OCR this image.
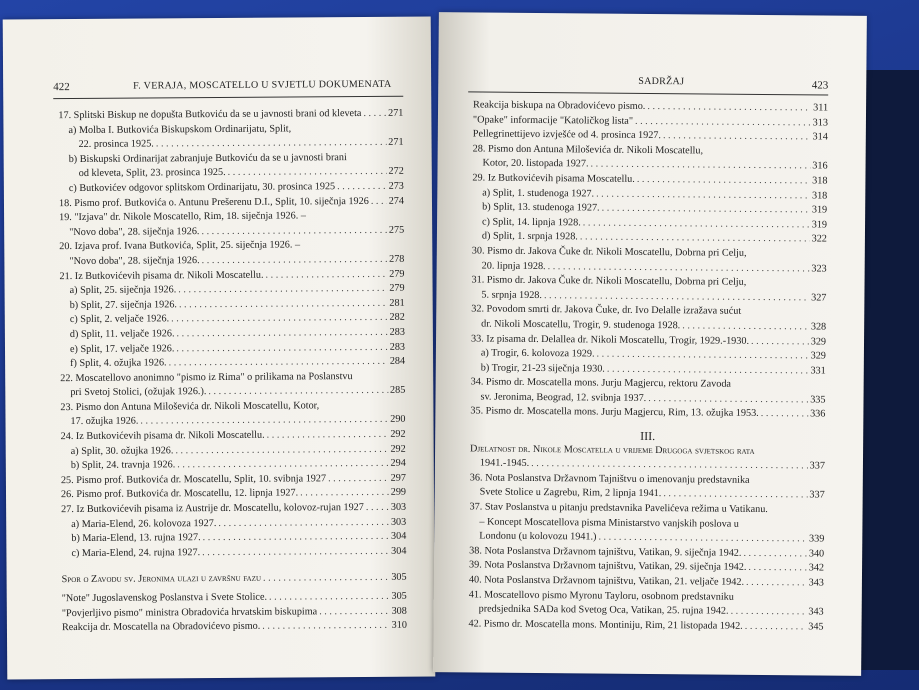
422	F. VERAJA, MOSCATELLO U SVJETLU DOKUMENATA
17. Splitski Biskup ne dopušta Butkoviću da se u javnosti brani od kleveta . . .	271
a) Molba I. Butkovića Biskupskom Ordinarijatu, Split,
22. prosinca 1925. . . .	271
b) Biskupski Ordinarijat zabranjuje Butkoviću da se u javnosti brani
od kleveta, Split, 23. prosinca 1925. . . .	272
c) Butkovićev odgovor splitskom Ordinarijatu, 30. prosinca 1925 . . .	273
18. Pismo prof. Butkovića o. Antunu Prešerenu D.I., Split, 10. siječnja 1926 . . . 274
19. "Izjava" dr. Nikole Moscatello, Rim, 18. siječnja 1926. –
"Novo doba", 28. siječnja 1926. . . .	275
20. Izjava prof. Ivana Butkovića, Split, 25. siječnja 1926. –
"Novo doba", 28. siječnja 1926. . . .	278
21. Iz Butkovićevih pisama dr. Nikoli Moscatellu. . . .	279
a) Split, 25. siječnja 1926. . . .	279
b) Split, 27. siječnja 1926. . . .	281
c) Split, 2. veljače 1926. . . .	282
d) Split, 11. veljače 1926. . . .	283
e) Split, 17. veljače 1926. . . .	283
f) Split, 4. ožujka 1926. . . .	284
22. Moscatellovo anonimno "pismo iz Rima" o prilikama na Poslanstvu
pri Svetoj Stolici, (ožujak 1926.). . . .	285
23. Pismo don Antuna Miloševića dr. Nikoli Moscatellu, Kotor,
17. ožujka 1926. . . .	290
24. Iz Butkovićevih pisama dr. Nikoli Moscatellu. . . .	292
a) Split, 30. ožujka 1926. . . .	292
b) Split, 24. travnja 1926. . . .	294
25. Pismo prof. Butkovića dr. Moscatellu, Split, 10. svibnja 1927 . . .	297
26. Pismo prof. Butkovića dr. Moscatellu, 12. lipnja 1927. . . .	299
27. Iz Butkovićevih pisama iz Austrije dr. Moscatellu, kolovoz-rujan 1927 . . .	303
a) Maria-Elend, 26. kolovoza 1927. . . .	303
b) Maria-Elend, 13. rujna 1927. . . .	304
c) Maria-Elend, 24. rujna 1927. . . .	304
Spor o Zavodu sv. Jeronima ulazi u završnu fazu . . .	305
"Note" Jugoslavenskog Poslanstva i Svete Stolice. . . .	305
"Povjerljivo pismo" ministra Obradovića hrvatskim biskupima . . .	308
Reakcija dr. Moscatella na Obradovićevo pismo. . . .	310
SADRŽAJ	423
Reakcija biskupa na Obradovićevo pismo. . . .	311
"Opake" informacije "Katoličkog lista" . . .	313
Pellegrinettijevo izvješće od 4. prosinca 1927. . . .	314
28. Pismo don Antuna Miloševića dr. Nikoli Moscatellu,
Kotor, 20. listopada 1927. . . .	316
29. Iz Butkovićevih pisama Moscatellu. . . .	318
a) Split, 1. studenoga 1927. . . .	318
b) Split, 13. studenoga 1927. . . .	319
c) Split, 14. lipnja 1928. . . .	319
d) Split, 1. srpnja 1928. . . .	322
30. Pismo dr. Jakova Čuke dr. Nikoli Moscatellu, Dobrna pri Celju,
20. lipnja 1928. . . .	323
31. Pismo dr. Jakova Čuke dr. Nikoli Moscatellu, Dobrna pri Celju,
5. srpnja 1928. . . .	327
32. Povodom smrti dr. Jakova Čuke, dr. Ivo Delalle izražava sućut
dr. Nikoli Moscatellu, Trogir, 9. studenoga 1928. . . .	328
33. Iz pisama dr. Delallea dr. Nikoli Moscatellu, Trogir, 1929.-1930. . . .	329
a) Trogir, 6. kolovoza 1929. . . .	329
b) Trogir, 21-23 siječnja 1930. . . .	331
34. Pismo dr. Moscatella mons. Jurju Magjercu, rektoru Zavoda
sv. Jeronima, Beograd, 12. svibnja 1937. . . .	335
35. Pismo dr. Moscatella mons. Jurju Magjercu, Rim, 13. ožujka 1953. . . .	336
III.
Djelatnost dr. Nikole Moscatella u vrijeme Drugoga svjetskog rata
1941.-1945. . . .	337
36. Nota Poslanstva Državnom Tajništvu o imenovanju predstavnika
Svete Stolice u Zagrebu, Rim, 2 lipnja 1941. . . .	337
37. Stav Poslanstva u pitanju predstavnika Pavelićeva režima u Vatikanu.
– Koncept Moscatellova pisma Ministarstvo vanjskih poslova u
Londonu (u kolovozu 1941.) . . .	339
38. Nota Poslanstva Državnom tajništvu, Vatikan, 9. siječnja 1942. . . .	340
39. Nota Poslanstva Državnom tajništvu, Vatikan, 29. siječnja 1942. . . .	342
40. Nota Poslanstva Državnom tajništvu, Vatikan, 21. veljače 1942. . . .	343
41. Moscatellovo pismo Myronu Tayloru, osobnom predstavniku
predsjednika SADa kod Svetog Oca, Vatikan, 25. rujna 1942. . . .	343
42. Pismo dr. Moscatella mons. Montiniju, Rim, 21 listopada 1942. . . .	345
